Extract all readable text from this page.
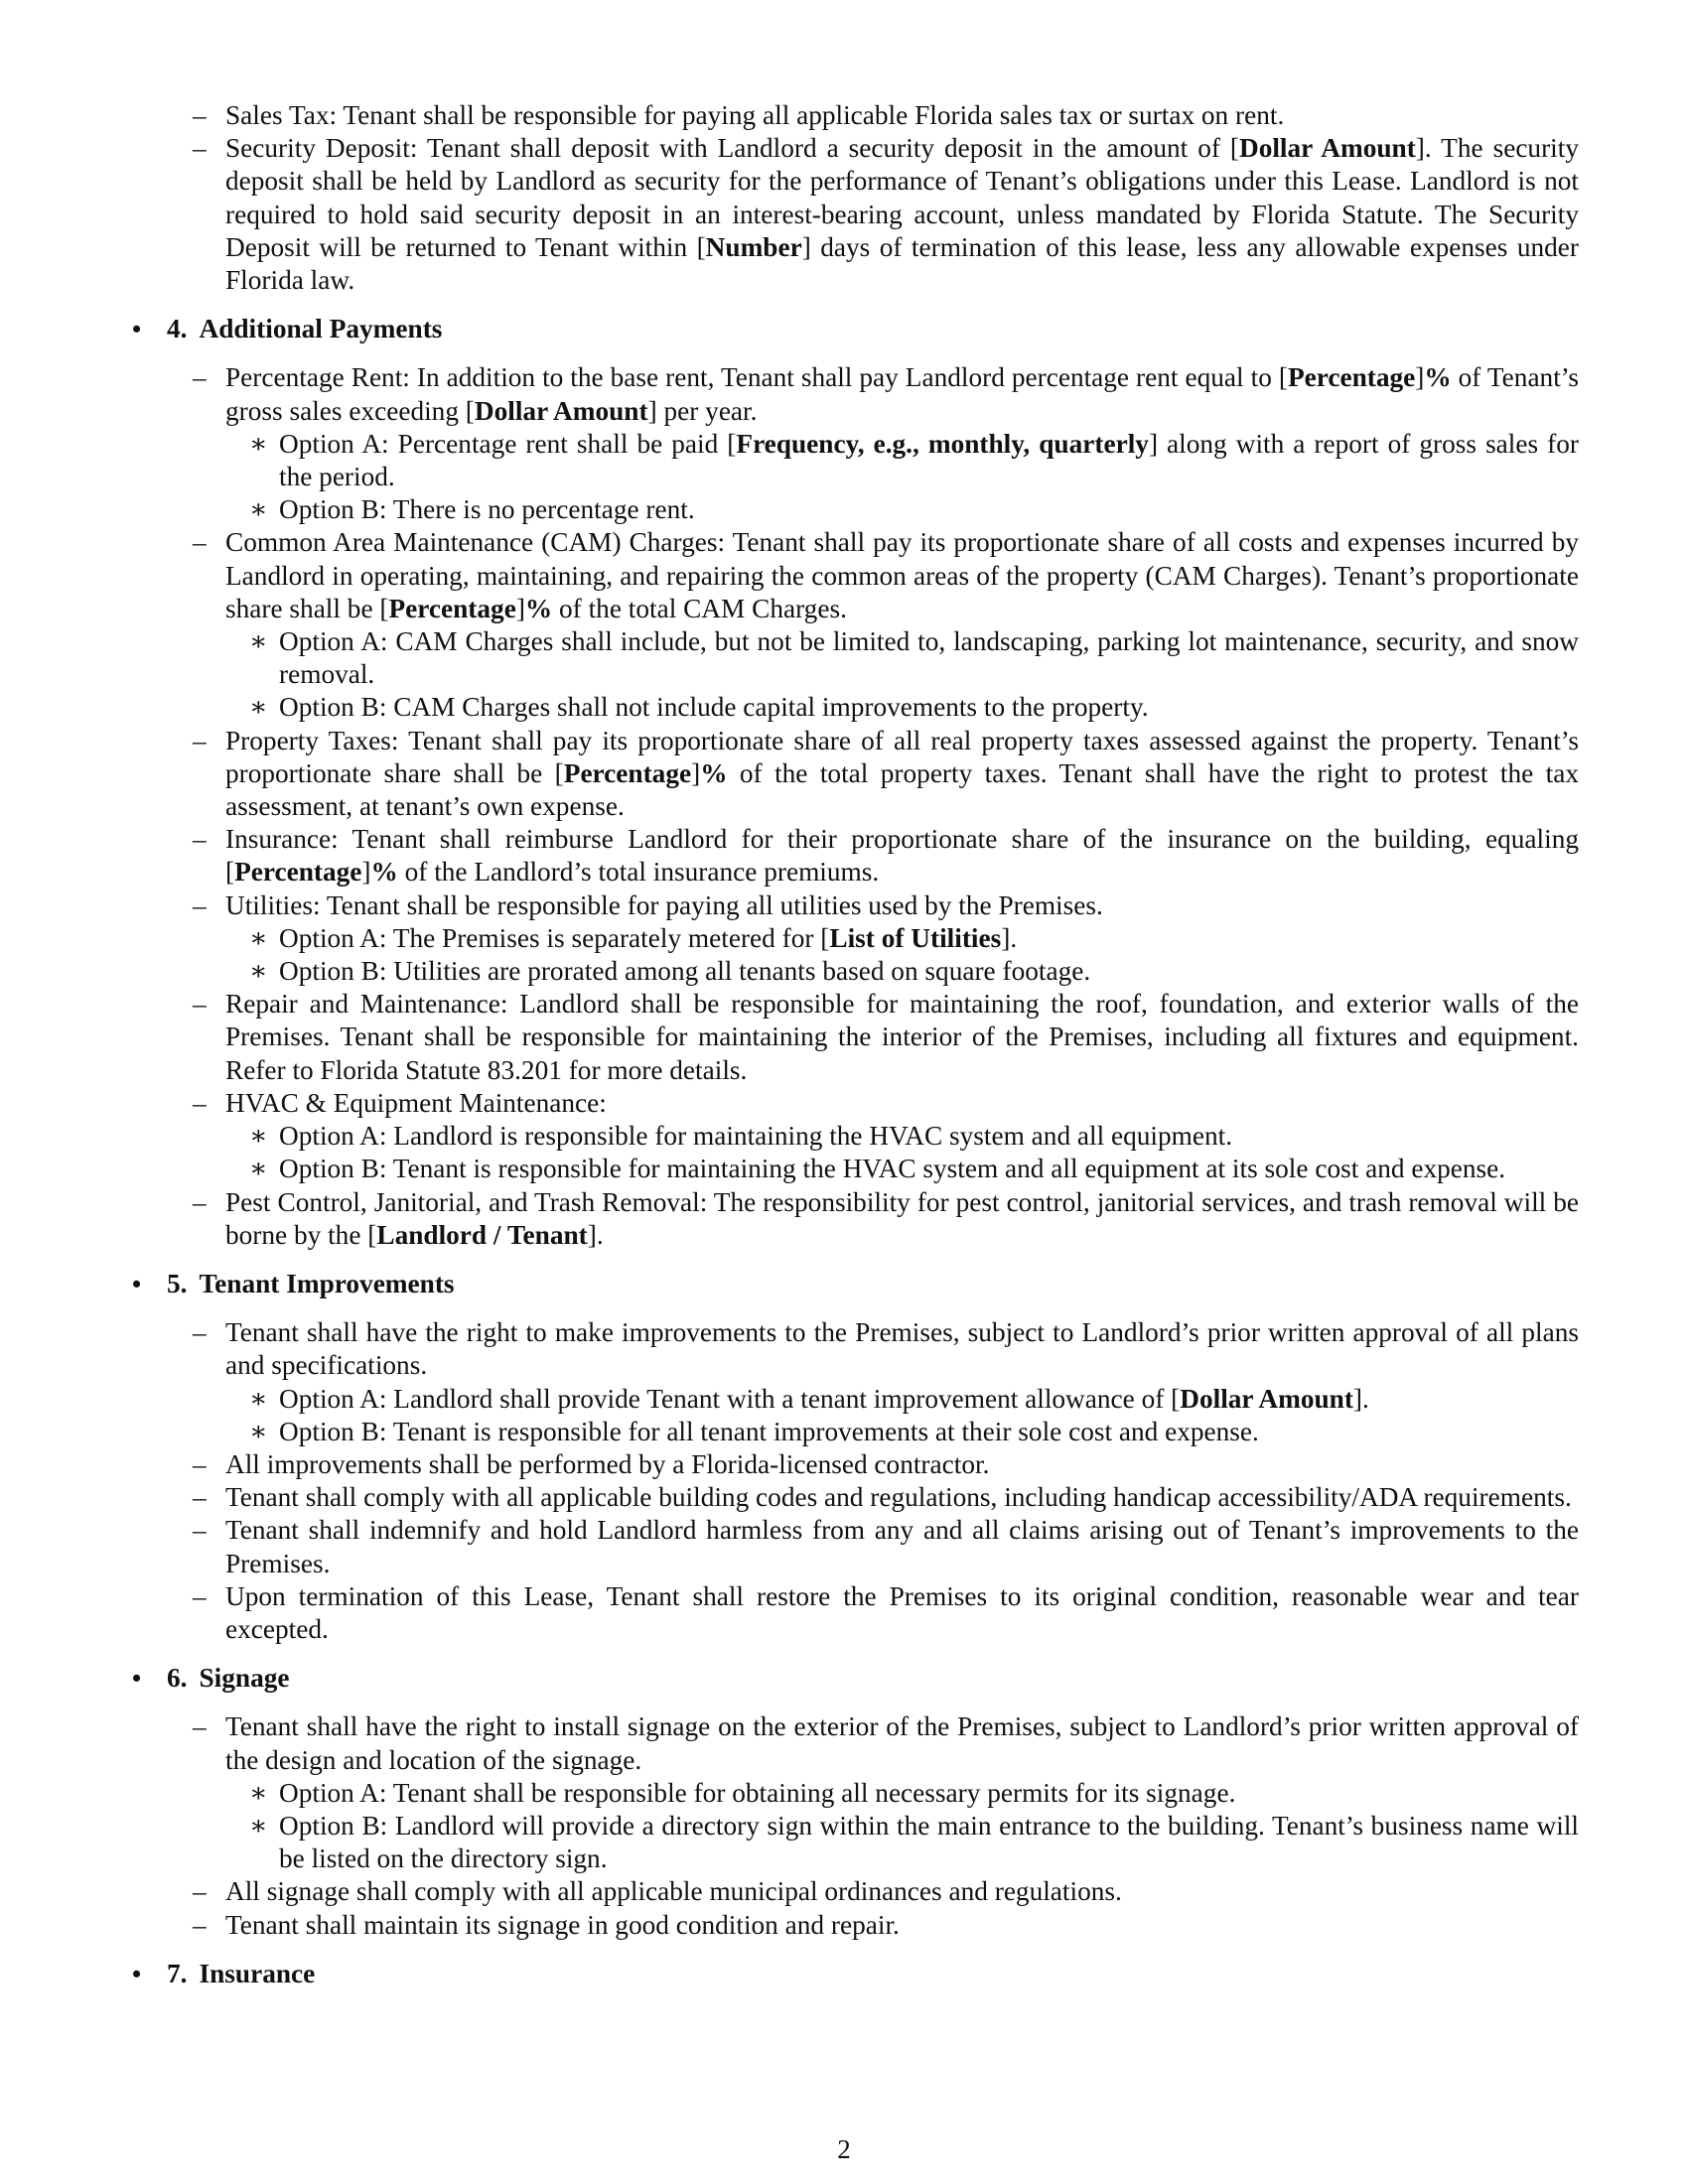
– Sales Tax: Tenant shall be responsible for paying all applicable Florida sales tax or surtax on rent.
– Security Deposit: Tenant shall deposit with Landlord a security deposit in the amount of [Dollar Amount]. The security deposit shall be held by Landlord as security for the performance of Tenant’s obligations under this Lease. Landlord is not required to hold said security deposit in an interest-bearing account, unless mandated by Florida Statute. The Security Deposit will be returned to Tenant within [Number] days of termination of this lease, less any allowable expenses under Florida law.
• 4. Additional Payments
– Percentage Rent: In addition to the base rent, Tenant shall pay Landlord percentage rent equal to [Percentage]% of Tenant’s gross sales exceeding [Dollar Amount] per year.
∗ Option A: Percentage rent shall be paid [Frequency, e.g., monthly, quarterly] along with a report of gross sales for the period.
∗ Option B: There is no percentage rent.
– Common Area Maintenance (CAM) Charges: Tenant shall pay its proportionate share of all costs and expenses incurred by Landlord in operating, maintaining, and repairing the common areas of the property (CAM Charges). Tenant’s proportionate share shall be [Percentage]% of the total CAM Charges.
∗ Option A: CAM Charges shall include, but not be limited to, landscaping, parking lot maintenance, security, and snow removal.
∗ Option B: CAM Charges shall not include capital improvements to the property.
– Property Taxes: Tenant shall pay its proportionate share of all real property taxes assessed against the property. Tenant’s proportionate share shall be [Percentage]% of the total property taxes. Tenant shall have the right to protest the tax assessment, at tenant’s own expense.
– Insurance: Tenant shall reimburse Landlord for their proportionate share of the insurance on the building, equaling [Percentage]% of the Landlord’s total insurance premiums.
– Utilities: Tenant shall be responsible for paying all utilities used by the Premises.
∗ Option A: The Premises is separately metered for [List of Utilities].
∗ Option B: Utilities are prorated among all tenants based on square footage.
– Repair and Maintenance: Landlord shall be responsible for maintaining the roof, foundation, and exterior walls of the Premises. Tenant shall be responsible for maintaining the interior of the Premises, including all fixtures and equipment. Refer to Florida Statute 83.201 for more details.
– HVAC & Equipment Maintenance:
∗ Option A: Landlord is responsible for maintaining the HVAC system and all equipment.
∗ Option B: Tenant is responsible for maintaining the HVAC system and all equipment at its sole cost and expense.
– Pest Control, Janitorial, and Trash Removal: The responsibility for pest control, janitorial services, and trash removal will be borne by the [Landlord / Tenant].
• 5. Tenant Improvements
– Tenant shall have the right to make improvements to the Premises, subject to Landlord’s prior written approval of all plans and specifications.
∗ Option A: Landlord shall provide Tenant with a tenant improvement allowance of [Dollar Amount].
∗ Option B: Tenant is responsible for all tenant improvements at their sole cost and expense.
– All improvements shall be performed by a Florida-licensed contractor.
– Tenant shall comply with all applicable building codes and regulations, including handicap accessibility/ADA requirements.
– Tenant shall indemnify and hold Landlord harmless from any and all claims arising out of Tenant’s improvements to the Premises.
– Upon termination of this Lease, Tenant shall restore the Premises to its original condition, reasonable wear and tear excepted.
• 6. Signage
– Tenant shall have the right to install signage on the exterior of the Premises, subject to Landlord’s prior written approval of the design and location of the signage.
∗ Option A: Tenant shall be responsible for obtaining all necessary permits for its signage.
∗ Option B: Landlord will provide a directory sign within the main entrance to the building. Tenant’s business name will be listed on the directory sign.
– All signage shall comply with all applicable municipal ordinances and regulations.
– Tenant shall maintain its signage in good condition and repair.
• 7. Insurance
2
